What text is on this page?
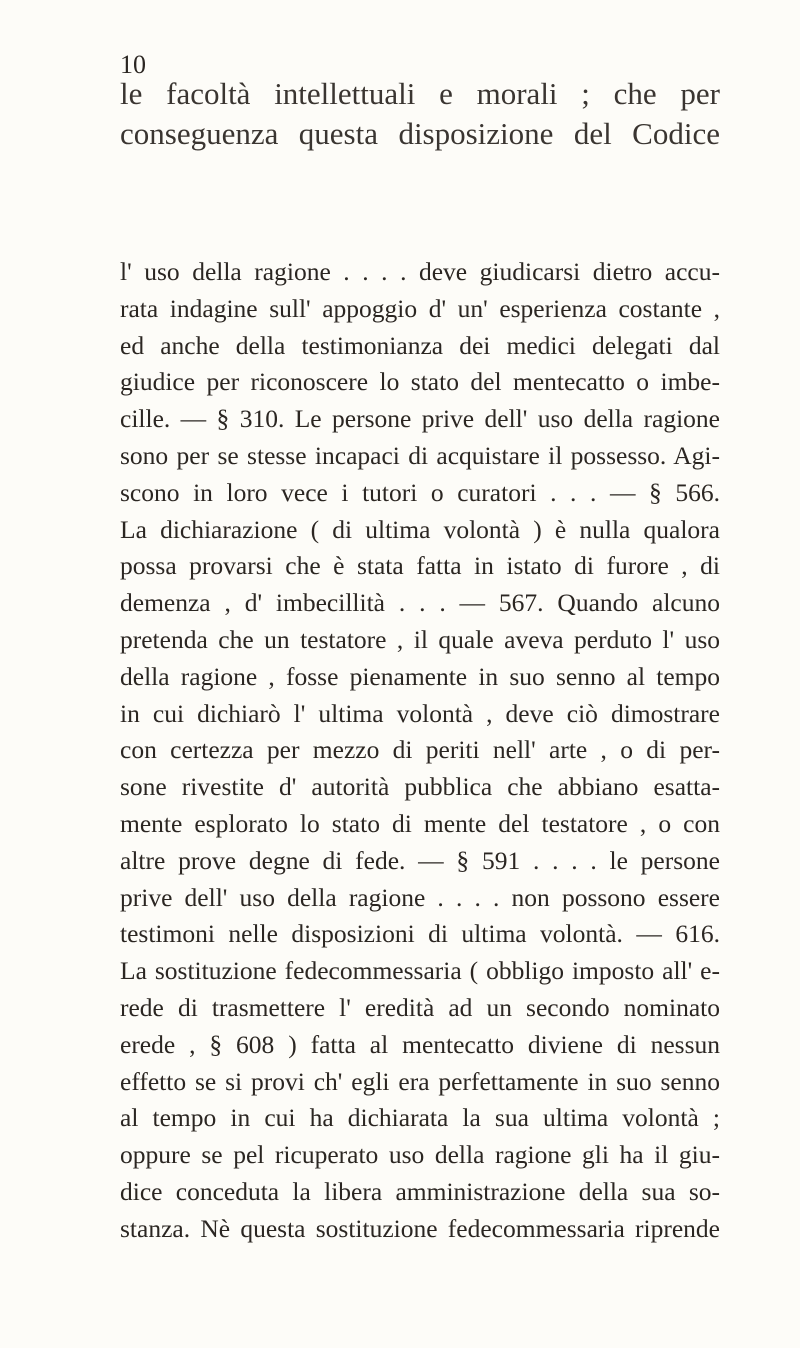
10
le facoltà intellettuali e morali ; che per
conseguenza questa disposizione del Codice
l' uso della ragione . . . . deve giudicarsi dietro accu-
rata indagine sull' appoggio d' un' esperienza costante ,
ed anche della testimonianza dei medici delegati dal
giudice per riconoscere lo stato del mentecatto o imbe-
cille. — § 310. Le persone prive dell' uso della ragione
sono per se stesse incapaci di acquistare il possesso. Agi-
scono in loro vece i tutori o curatori . . . — § 566.
La dichiarazione ( di ultima volontà ) è nulla qualora
possa provarsi che è stata fatta in istato di furore , di
demenza , d' imbecillità . . . — 567. Quando alcuno
pretenda che un testatore , il quale aveva perduto l' uso
della ragione , fosse pienamente in suo senno al tempo
in cui dichiarò l' ultima volontà , deve ciò dimostrare
con certezza per mezzo di periti nell' arte , o di per-
sone rivestite d' autorità pubblica che abbiano esatta-
mente esplorato lo stato di mente del testatore , o con
altre prove degne di fede. — § 591 . . . . le persone
prive dell' uso della ragione . . . . non possono essere
testimoni nelle disposizioni di ultima volontà. — 616.
La sostituzione fedecommessaria ( obbligo imposto all' e-
rede di trasmettere l' eredità ad un secondo nominato
erede , § 608 ) fatta al mentecatto diviene di nessun
effetto se si provi ch' egli era perfettamente in suo senno
al tempo in cui ha dichiarata la sua ultima volontà ;
oppure se pel ricuperato uso della ragione gli ha il giu-
dice conceduta la libera amministrazione della sua so-
stanza. Nè questa sostituzione fedecommessaria riprende
